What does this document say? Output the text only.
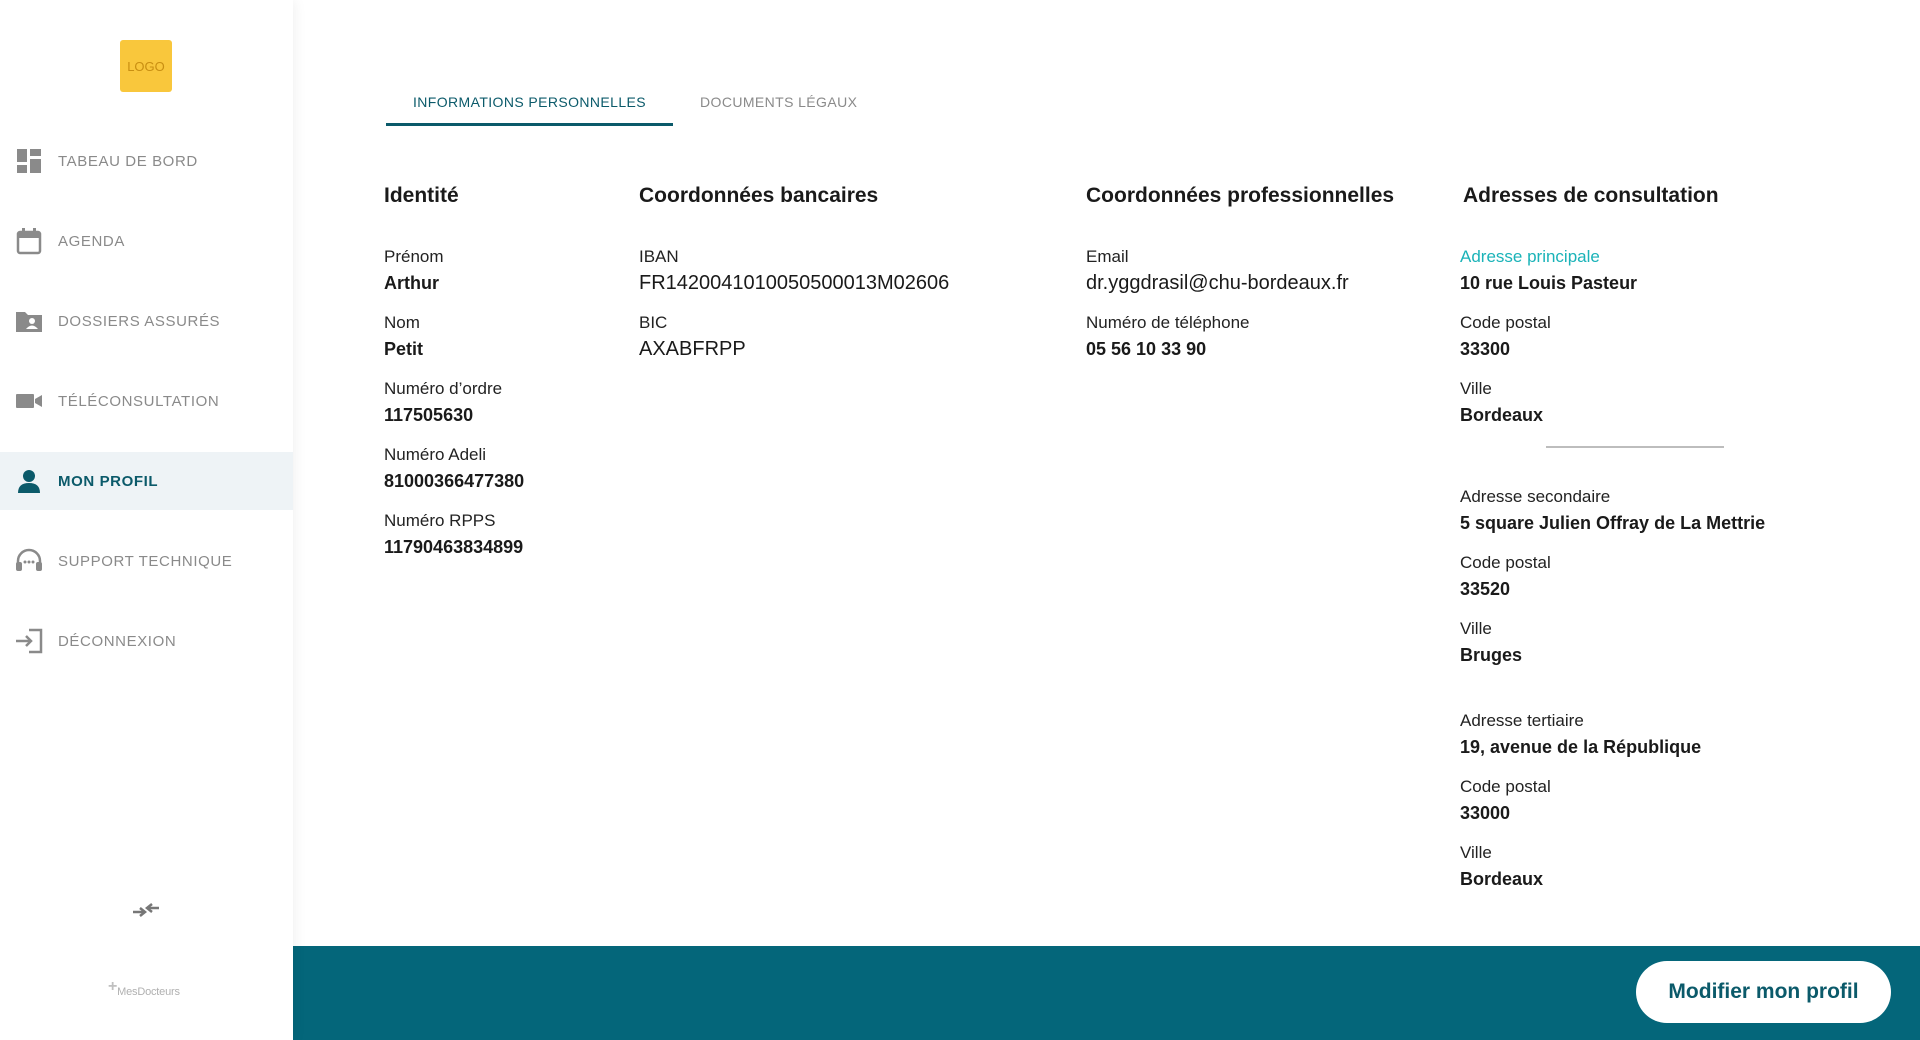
LOGO
TABEAU DE BORD
AGENDA
DOSSIERS ASSURÉS
TÉLÉCONSULTATION
MON PROFIL
SUPPORT TECHNIQUE
DÉCONNEXION
+MesDocteurs
INFORMATIONS PERSONNELLES	DOCUMENTS LÉGAUX
Identité
Prénom
Arthur
Nom
Petit
Numéro d’ordre
117505630
Numéro Adeli
81000366477380
Numéro RPPS
11790463834899
Coordonnées bancaires
IBAN
FR1420041010050500013M02606
BIC
AXABFRPP
Coordonnées professionnelles
Email
dr.yggdrasil@chu-bordeaux.fr
Numéro de téléphone
05 56 10 33 90
Adresses de consultation
Adresse principale
10 rue Louis Pasteur
Code postal
33300
Ville
Bordeaux
Adresse secondaire
5 square Julien Offray de La Mettrie
Code postal
33520
Ville
Bruges
Adresse tertiaire
19, avenue de la République
Code postal
33000
Ville
Bordeaux
Modifier mon profil
